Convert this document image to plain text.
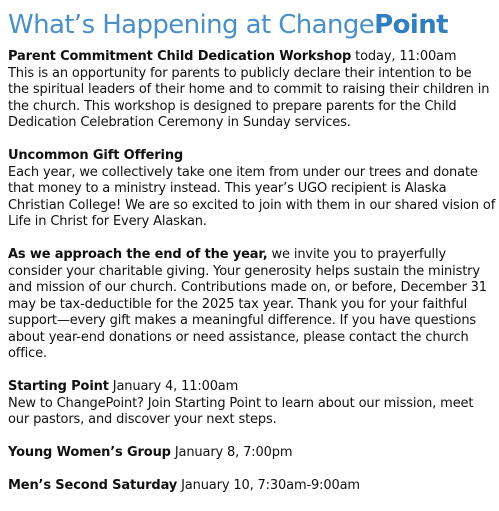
What’s Happening at ChangePoint

Parent Commitment Child Dedication Workshop today, 11:00am

This is an opportunity for parents to publicly declare their intention to be the spiritual leaders of their home and to commit to raising their children in the church. This workshop is designed to prepare parents for the Child Dedication Celebration Ceremony in Sunday services.

Uncommon Gift Offering

Each year, we collectively take one item from under our trees and donate that money to a ministry instead. This year’s UGO recipient is Alaska Christian College! We are so excited to join with them in our shared vision of Life in Christ for Every Alaskan.

As we approach the end of the year, we invite you to prayerfully consider your charitable giving. Your generosity helps sustain the ministry and mission of our church. Contributions made on, or before, December 31 may be tax-deductible for the 2025 tax year. Thank you for your faithful support—every gift makes a meaningful difference. If you have questions about year-end donations or need assistance, please contact the church office.

Starting Point January 4, 11:00am

New to ChangePoint? Join Starting Point to learn about our mission, meet our pastors, and discover your next steps.

Young Women’s Group January 8, 7:00pm

Men’s Second Saturday January 10, 7:30am-9:00am
